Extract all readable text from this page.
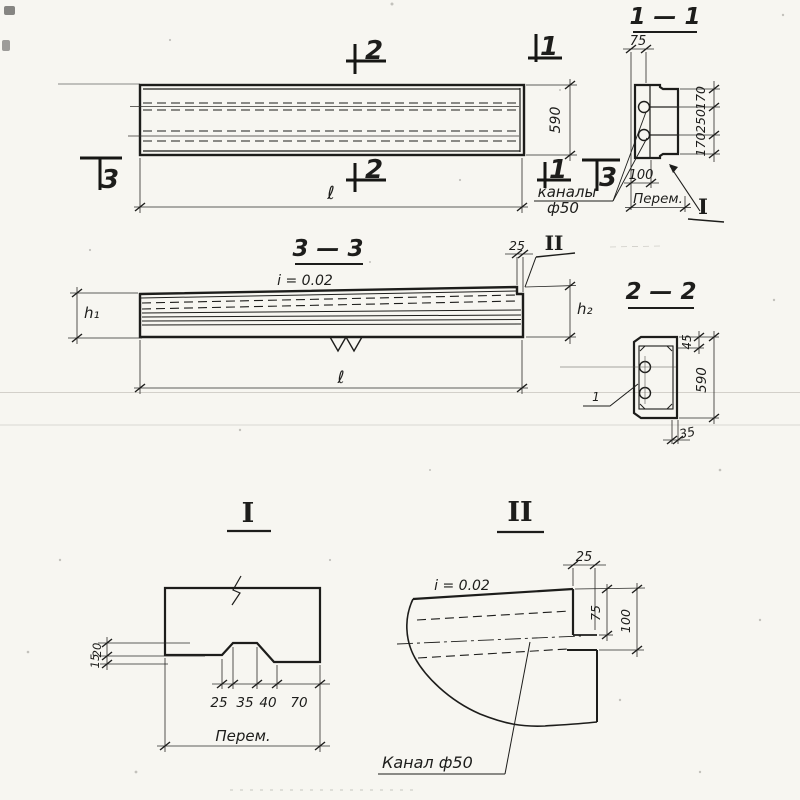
2
2
1
1
3	3
590
ℓ	каналы
ф50
1 — 1
75
170
250
170
100
Перем. I
3 — 3
i = 0.02
h₁
25 II
h₂
ℓ
2 — 2
45
590
35
1
I
20
15
25 35 40 70
Перем.
II
i = 0.02
25
75 100
Канал ф50
